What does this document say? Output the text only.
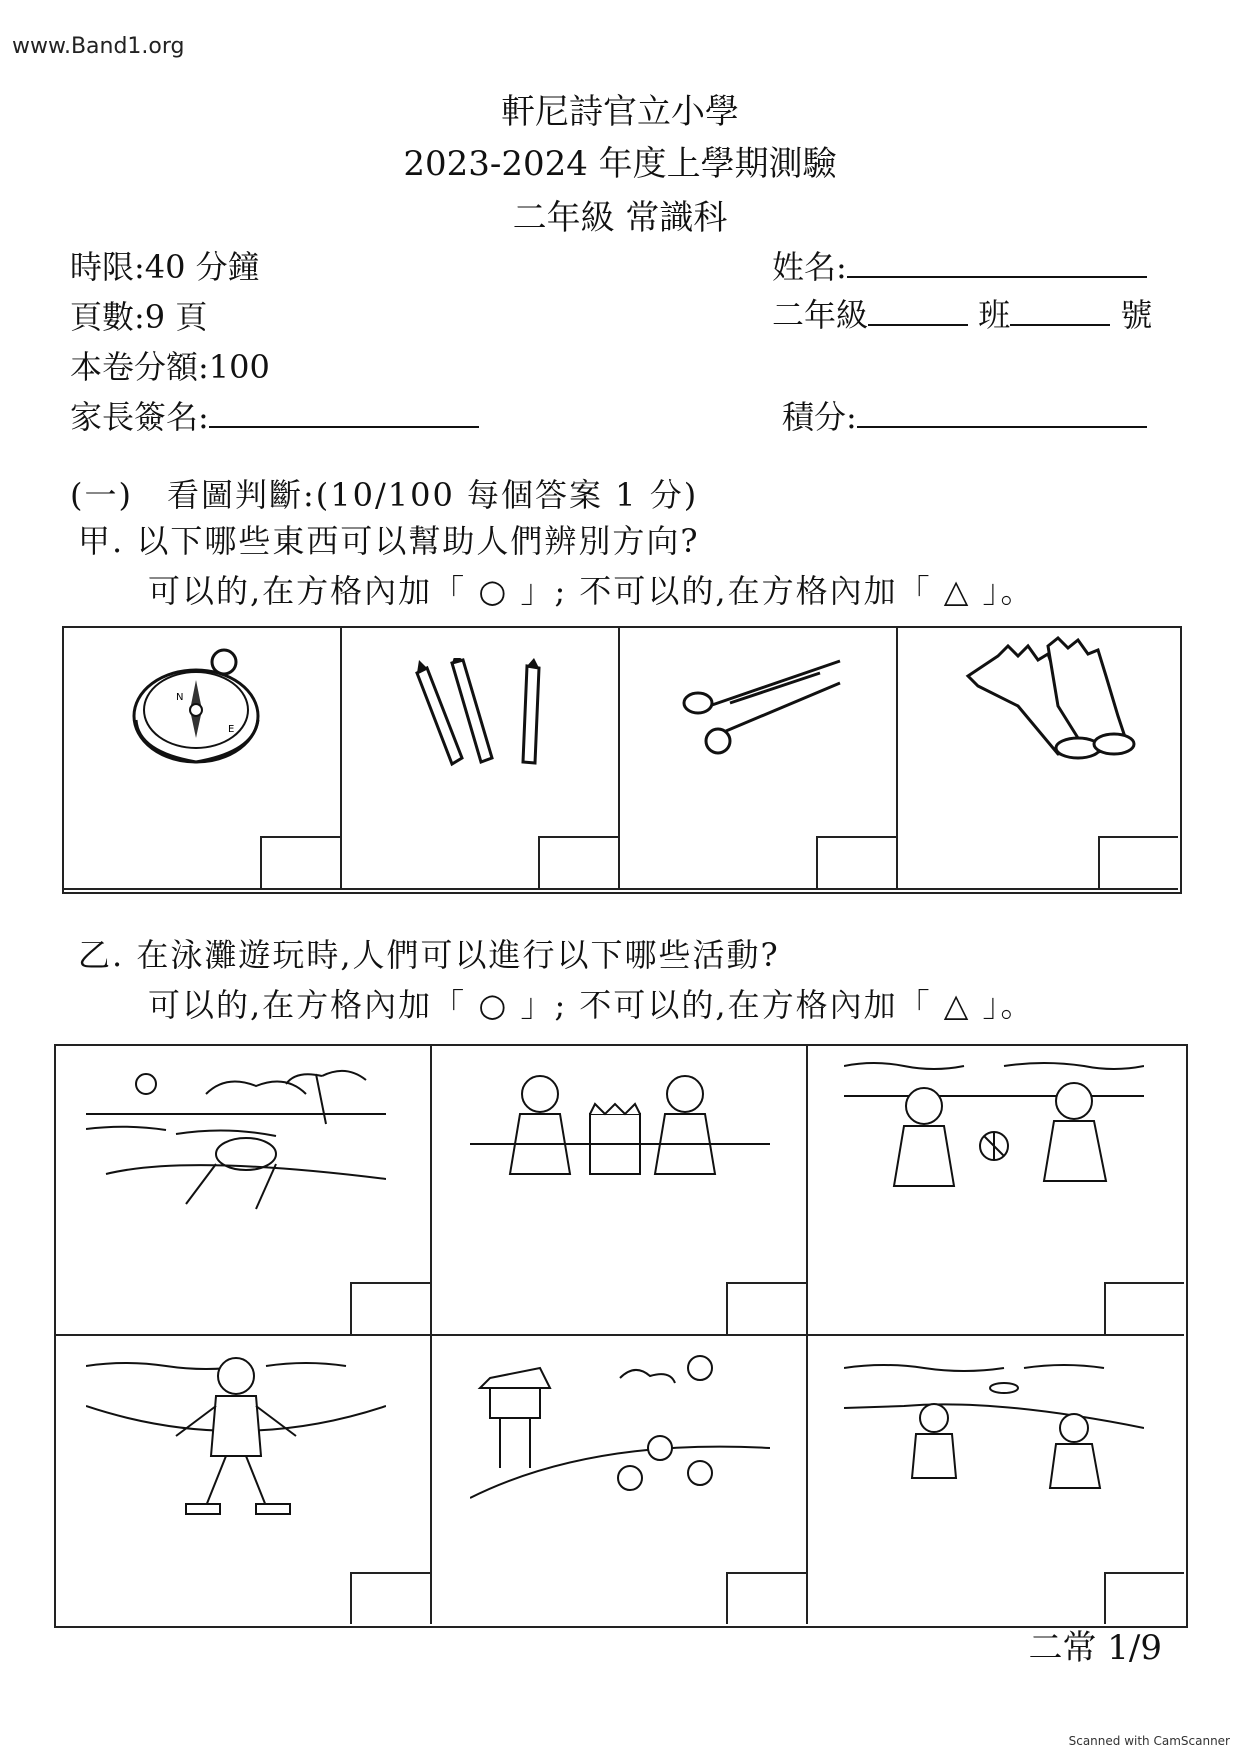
www.Band1.org
軒尼詩官立小學
2023-2024 年度上學期測驗
二年級 常識科
時限:40 分鐘
頁數:9 頁
本卷分額:100
家長簽名:
姓名:
二年級	班	號
積分:
(一)　看圖判斷:(10/100 每個答案 1 分)
甲. 以下哪些東西可以幫助人們辨別方向?
可以的,在方格內加「 ○ 」; 不可以的,在方格內加「 △ 」。
N
E
乙. 在泳灘遊玩時,人們可以進行以下哪些活動?
可以的,在方格內加「 ○ 」; 不可以的,在方格內加「 △ 」。
二常 1/9
Scanned with CamScanner
